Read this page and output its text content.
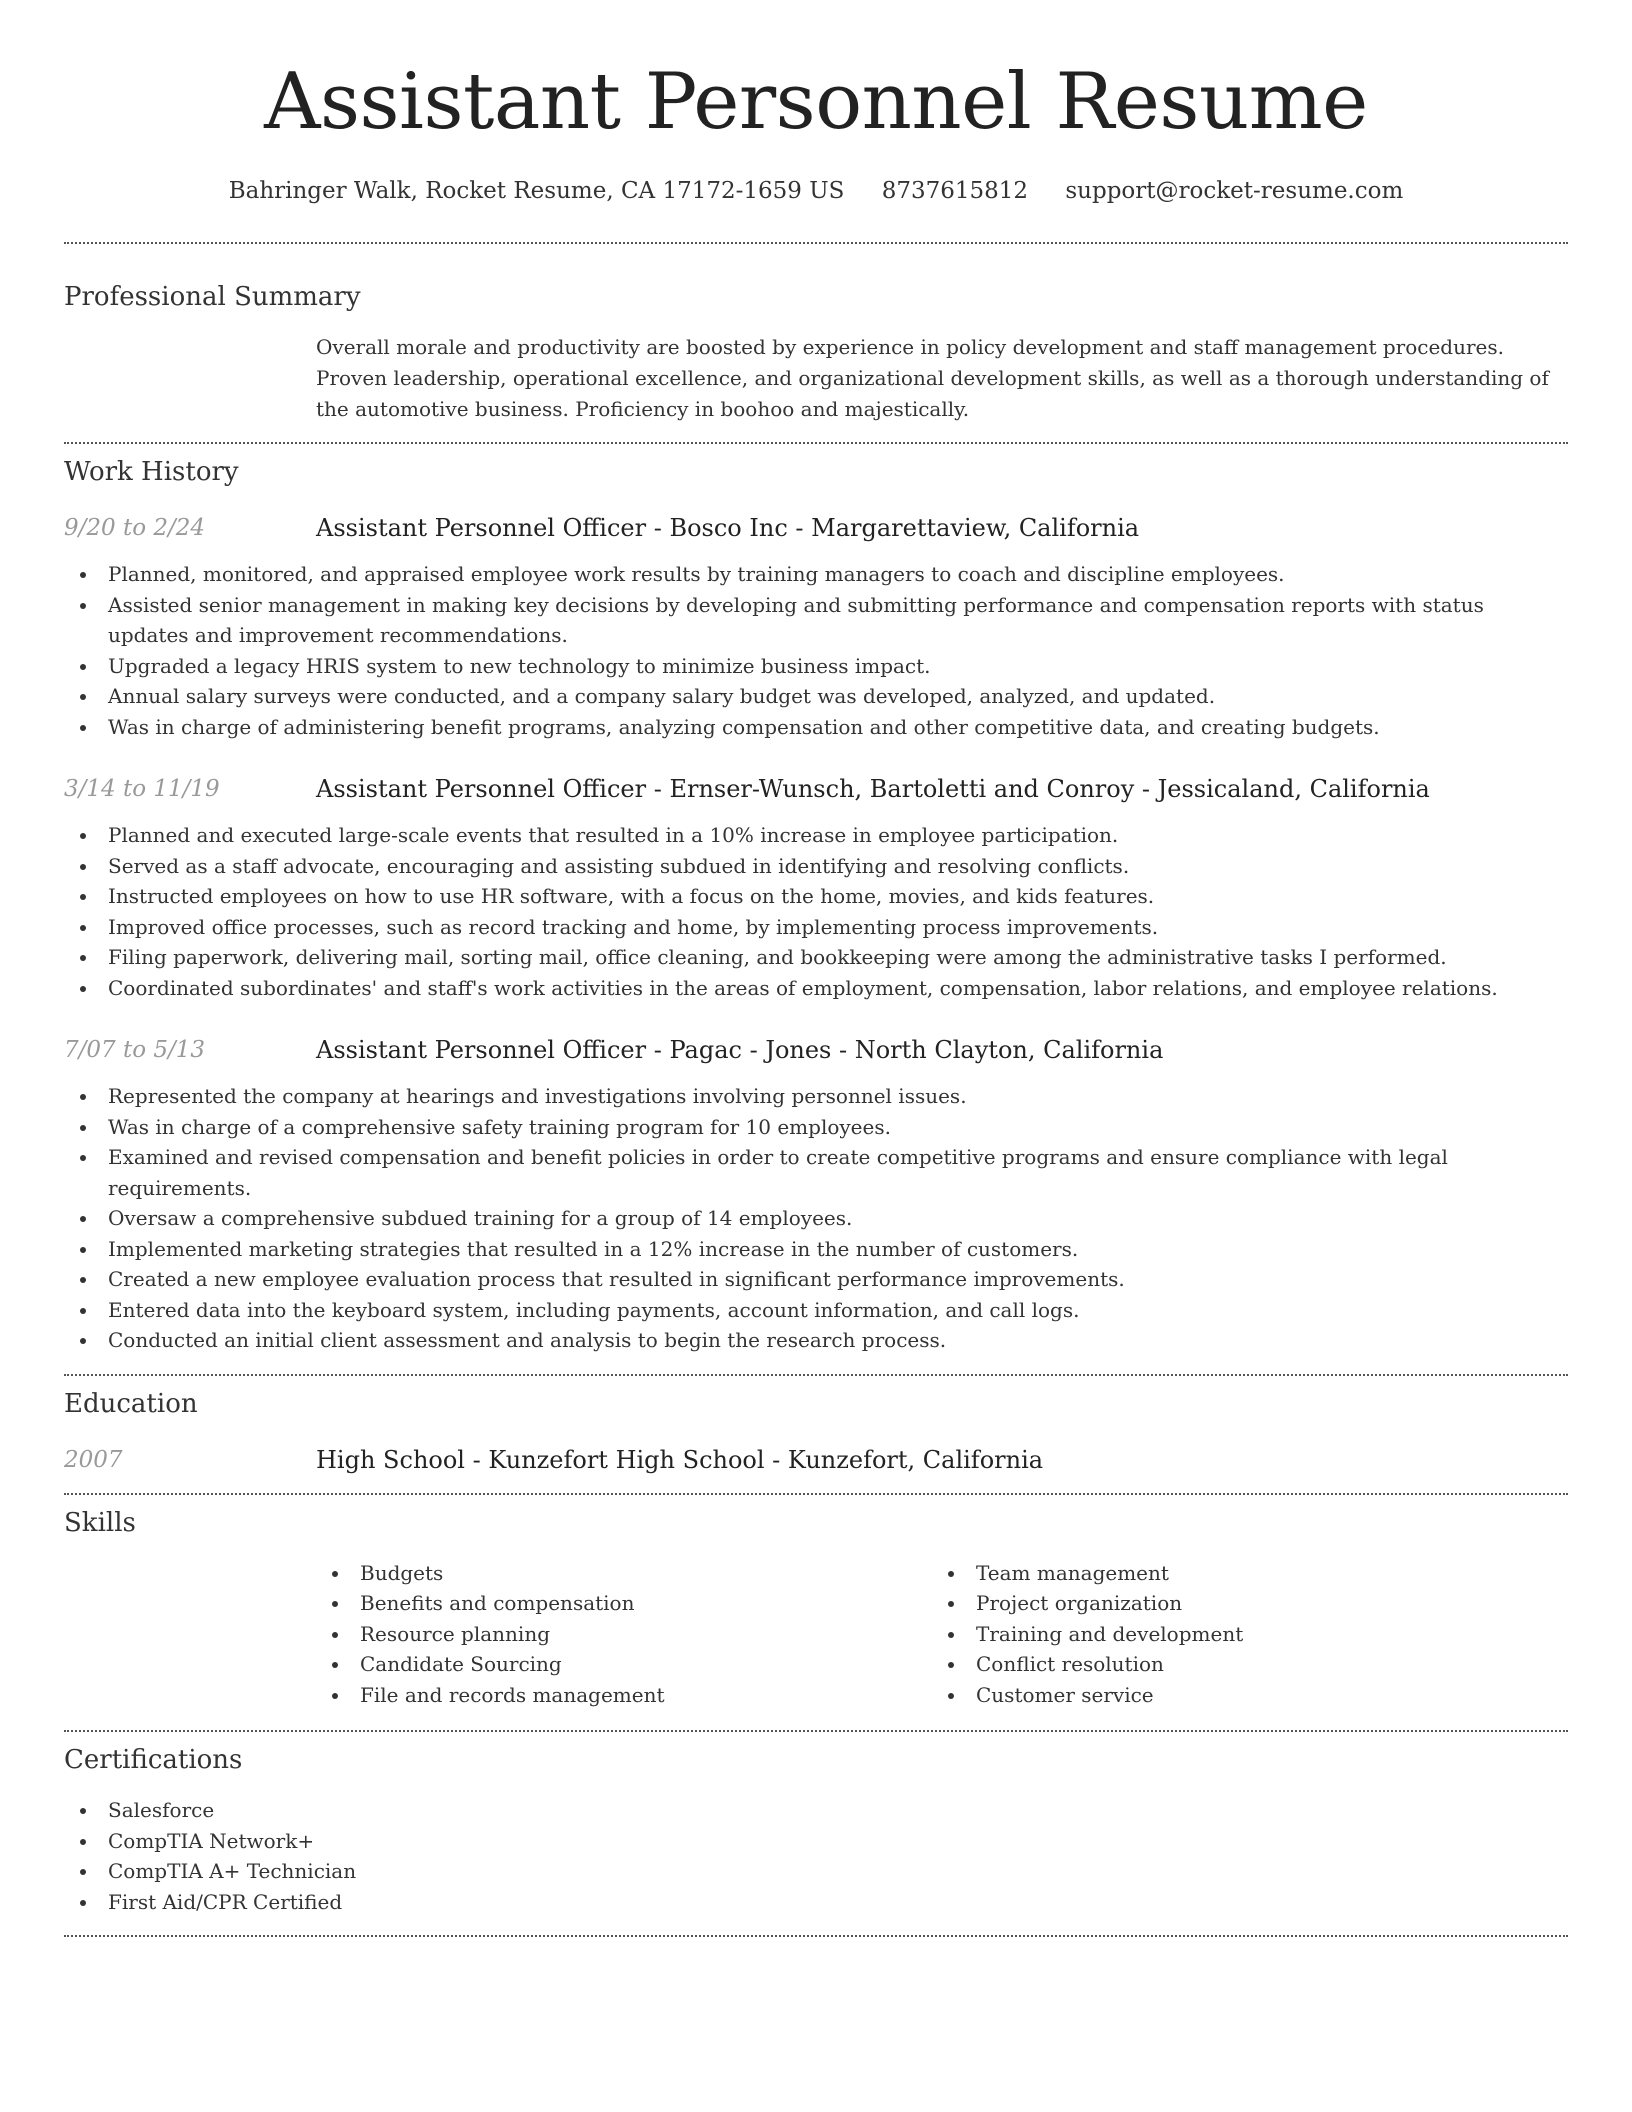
Assistant Personnel Resume
Bahringer Walk, Rocket Resume, CA 17172-1659 US 8737615812 support@rocket-resume.com
Professional Summary
Overall morale and productivity are boosted by experience in policy development and staff management procedures. Proven leadership, operational excellence, and organizational development skills, as well as a thorough understanding of the automotive business. Proficiency in boohoo and majestically.
Work History
9/20 to 2/24	Assistant Personnel Officer - Bosco Inc - Margarettaview, California
Planned, monitored, and appraised employee work results by training managers to coach and discipline employees.
Assisted senior management in making key decisions by developing and submitting performance and compensation reports with status updates and improvement recommendations.
Upgraded a legacy HRIS system to new technology to minimize business impact.
Annual salary surveys were conducted, and a company salary budget was developed, analyzed, and updated.
Was in charge of administering benefit programs, analyzing compensation and other competitive data, and creating budgets.
3/14 to 11/19	Assistant Personnel Officer - Ernser-Wunsch, Bartoletti and Conroy - Jessicaland, California
Planned and executed large-scale events that resulted in a 10% increase in employee participation.
Served as a staff advocate, encouraging and assisting subdued in identifying and resolving conflicts.
Instructed employees on how to use HR software, with a focus on the home, movies, and kids features.
Improved office processes, such as record tracking and home, by implementing process improvements.
Filing paperwork, delivering mail, sorting mail, office cleaning, and bookkeeping were among the administrative tasks I performed.
Coordinated subordinates' and staff's work activities in the areas of employment, compensation, labor relations, and employee relations.
7/07 to 5/13	Assistant Personnel Officer - Pagac - Jones - North Clayton, California
Represented the company at hearings and investigations involving personnel issues.
Was in charge of a comprehensive safety training program for 10 employees.
Examined and revised compensation and benefit policies in order to create competitive programs and ensure compliance with legal requirements.
Oversaw a comprehensive subdued training for a group of 14 employees.
Implemented marketing strategies that resulted in a 12% increase in the number of customers.
Created a new employee evaluation process that resulted in significant performance improvements.
Entered data into the keyboard system, including payments, account information, and call logs.
Conducted an initial client assessment and analysis to begin the research process.
Education
2007	High School - Kunzefort High School - Kunzefort, California
Skills
Budgets
Benefits and compensation
Resource planning
Candidate Sourcing
File and records management
Team management
Project organization
Training and development
Conflict resolution
Customer service
Certifications
Salesforce
CompTIA Network+
CompTIA A+ Technician
First Aid/CPR Certified
